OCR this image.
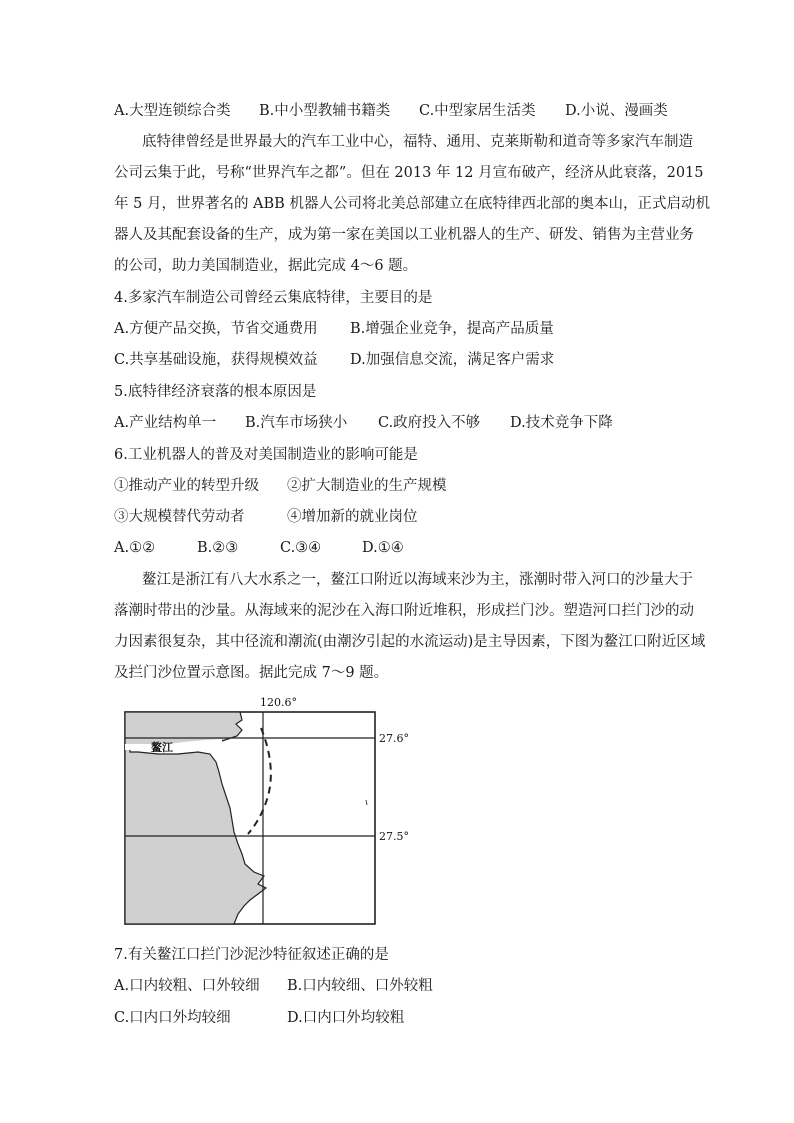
A.大型连锁综合类 B.中小型教辅书籍类 C.中型家居生活类 D.小说、漫画类
底特律曾经是世界最大的汽车工业中心，福特、通用、克莱斯勒和道奇等多家汽车制造
公司云集于此，号称“世界汽车之都”。但在 2013 年 12 月宣布破产，经济从此衰落，2015
年 5 月，世界著名的 ABB 机器人公司将北美总部建立在底特律西北部的奥本山，正式启动机
器人及其配套设备的生产，成为第一家在美国以工业机器人的生产、研发、销售为主营业务
的公司，助力美国制造业，据此完成 4～6 题。
4.多家汽车制造公司曾经云集底特律，主要目的是
A.方便产品交换，节省交通费用 B.增强企业竞争，提高产品质量
C.共享基础设施，获得规模效益 D.加强信息交流，满足客户需求
5.底特律经济衰落的根本原因是
A.产业结构单一 B.汽车市场狭小 C.政府投入不够 D.技术竞争下降
6.工业机器人的普及对美国制造业的影响可能是
①推动产业的转型升级 ②扩大制造业的生产规模
③大规模替代劳动者	④增加新的就业岗位
A.①②	B.②③	C.③④	D.①④
鳌江是浙江有八大水系之一，鳌江口附近以海域来沙为主，涨潮时带入河口的沙量大于
落潮时带出的沙量。从海域来的泥沙在入海口附近堆积，形成拦门沙。塑造河口拦门沙的动
力因素很复杂，其中径流和潮流(由潮汐引起的水流运动)是主导因素，下图为鳌江口附近区域
及拦门沙位置示意图。据此完成 7～9 题。
120.6°
27.6°
27.5°
鳌江
7.有关鳌江口拦门沙泥沙特征叙述正确的是
A.口内较粗、口外较细 B.口内较细、口外较粗
C.口内口外均较细	D.口内口外均较粗
